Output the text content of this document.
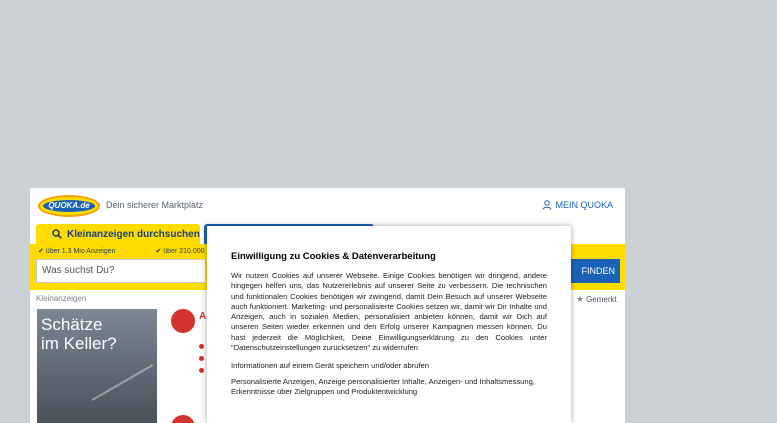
QUOKA.de	Dein sicherer Marktplatz	MEIN QUOKA
Kleinanzeigen durchsuchen
✔ über 1.3 Mio Anzeigen	✔ über 210.000
Was suchst Du?	FINDEN
Kleinanzeigen	★ Gemerkt
Schätze
im Keller?
A
Einwilligung zu Cookies & Datenverarbeitung

Wir nutzen Cookies auf unserer Webseite. Einige Cookies benötigen wir dringend, andere hingegen helfen uns, das Nutzererlebnis auf unserer Seite zu verbessern. Die technischen und funktionalen Cookies benötigen wir zwingend, damit Dein Besuch auf unserer Webseite auch funktioniert. Marketing- und personalisierte Cookies setzen wir, damit wir Dir Inhalte und Anzeigen, auch in sozialen Medien, personalisiert anbieten können, damit wir Dich auf unseren Seiten wieder erkennen und den Erfolg unserer Kampagnen messen können. Du hast jederzeit die Möglichkeit, Deine Einwilligungserklärung zu den Cookies unter "Datenschutzeinstellungen zurücksetzen" zu widerrufen

Informationen auf einem Gerät speichern und/oder abrufen

Personalisierte Anzeigen, Anzeige personalisierter Inhalte, Anzeigen- und Inhaltsmessung, Erkenntnisse über Zielgruppen und Produktentwicklung
